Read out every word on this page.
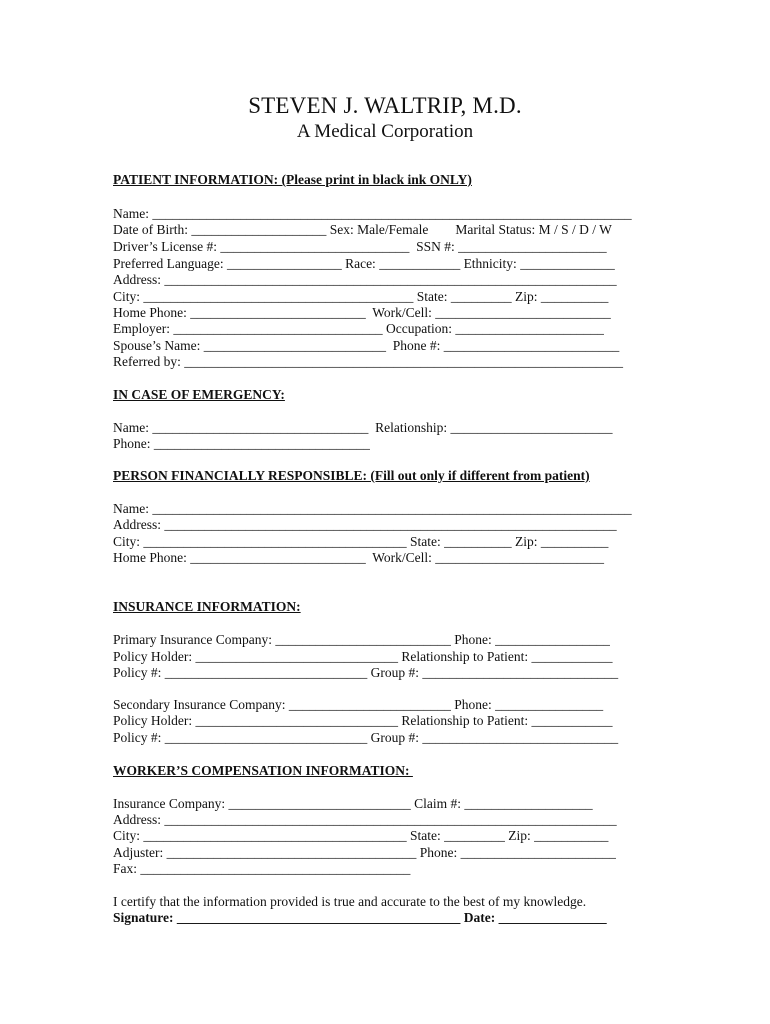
STEVEN J. WALTRIP, M.D.
A Medical Corporation
PATIENT INFORMATION: (Please print in black ink ONLY)
Name: _______________________________________________________________________
Date of Birth: ____________________ Sex: Male/Female        Marital Status: M / S / D / W
Driver’s License #: ____________________________  SSN #: ______________________
Preferred Language: _________________ Race: ____________ Ethnicity: ______________
Address: ___________________________________________________________________
City: ________________________________________ State: _________ Zip: __________
Home Phone: __________________________  Work/Cell: __________________________
Employer: _______________________________ Occupation: ______________________
Spouse’s Name: ___________________________  Phone #: __________________________
Referred by: _________________________________________________________________
IN CASE OF EMERGENCY:
Name: ________________________________  Relationship: ________________________
Phone: ________________________________
PERSON FINANCIALLY RESPONSIBLE: (Fill out only if different from patient)
Name: _______________________________________________________________________
Address: ___________________________________________________________________
City: _______________________________________ State: __________ Zip: __________
Home Phone: __________________________  Work/Cell: _________________________
INSURANCE INFORMATION:
Primary Insurance Company: __________________________ Phone: _________________
Policy Holder: ______________________________ Relationship to Patient: ____________
Policy #: ______________________________ Group #: _____________________________
Secondary Insurance Company: ________________________ Phone: ________________
Policy Holder: ______________________________ Relationship to Patient: ____________
Policy #: ______________________________ Group #: _____________________________
WORKER’S COMPENSATION INFORMATION:
Insurance Company: ___________________________ Claim #: ___________________
Address: ___________________________________________________________________
City: _______________________________________ State: _________ Zip: ___________
Adjuster: _____________________________________ Phone: _______________________
Fax: ________________________________________
I certify that the information provided is true and accurate to the best of my knowledge.
Signature: __________________________________________ Date: ________________
